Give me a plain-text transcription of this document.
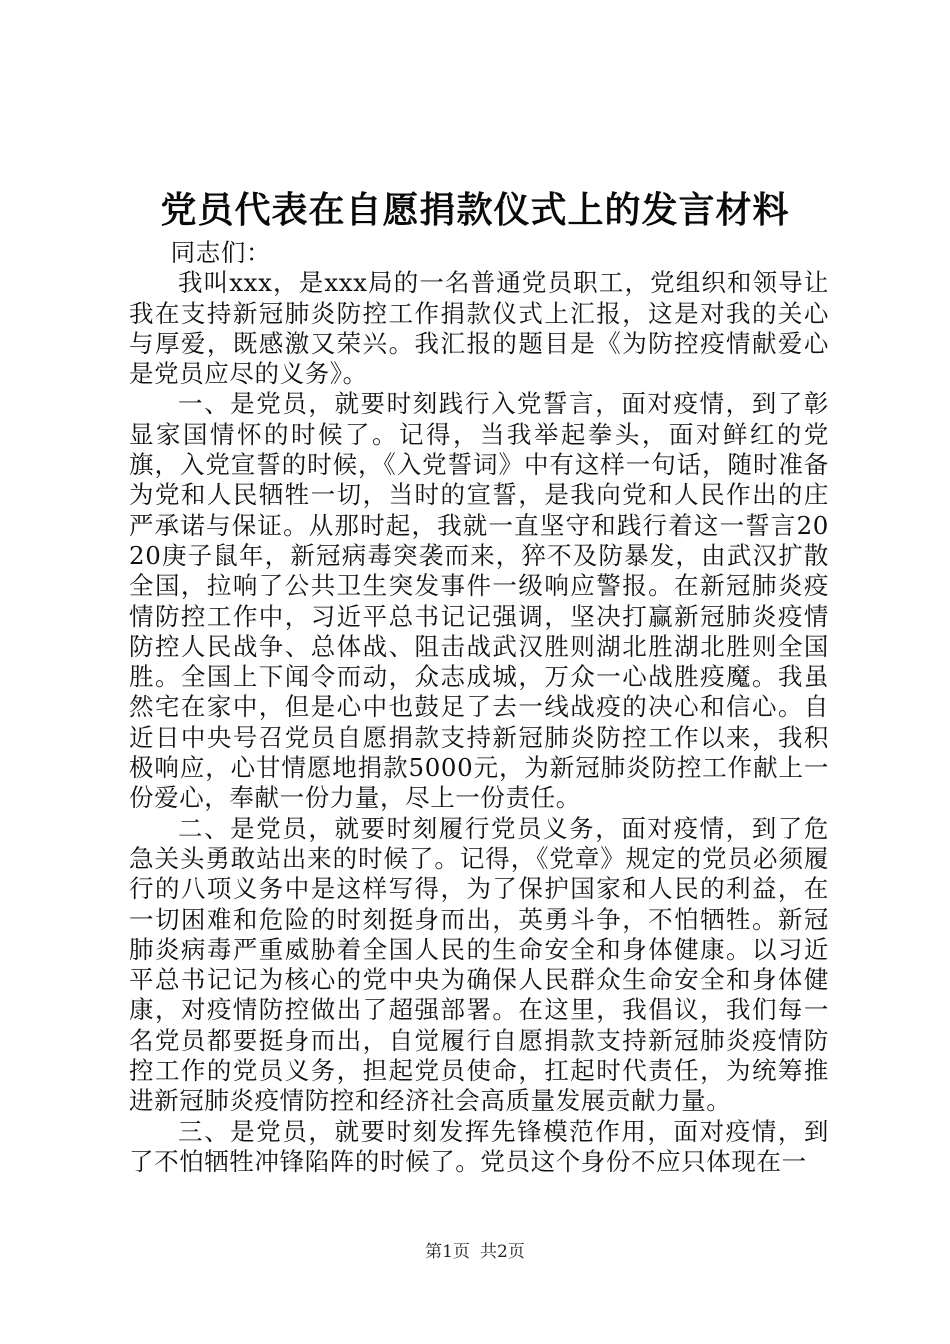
党员代表在自愿捐款仪式上的发言材料

同志们：

我叫xxx，是xxx局的一名普通党员职工，党组织和领导让我在支持新冠肺炎防控工作捐款仪式上汇报，这是对我的关心与厚爱，既感激又荣兴。我汇报的题目是《为防控疫情献爱心是党员应尽的义务》。

一、是党员，就要时刻践行入党誓言，面对疫情，到了彰显家国情怀的时候了。记得，当我举起拳头，面对鲜红的党旗，入党宣誓的时候，《入党誓词》中有这样一句话，随时准备为党和人民牺牲一切，当时的宣誓，是我向党和人民作出的庄严承诺与保证。从那时起，我就一直坚守和践行着这一誓言2020庚子鼠年，新冠病毒突袭而来，猝不及防暴发，由武汉扩散全国，拉响了公共卫生突发事件一级响应警报。在新冠肺炎疫情防控工作中，习近平总书记记强调，坚决打赢新冠肺炎疫情防控人民战争、总体战、阻击战武汉胜则湖北胜湖北胜则全国胜。全国上下闻令而动，众志成城，万众一心战胜疫魔。我虽然宅在家中，但是心中也鼓足了去一线战疫的决心和信心。自近日中央号召党员自愿捐款支持新冠肺炎防控工作以来，我积极响应，心甘情愿地捐款5000元，为新冠肺炎防控工作献上一份爱心，奉献一份力量，尽上一份责任。

二、是党员，就要时刻履行党员义务，面对疫情，到了危急关头勇敢站出来的时候了。记得，《党章》规定的党员必须履行的八项义务中是这样写得，为了保护国家和人民的利益，在一切困难和危险的时刻挺身而出，英勇斗争，不怕牺牲。新冠肺炎病毒严重威胁着全国人民的生命安全和身体健康。以习近平总书记记为核心的党中央为确保人民群众生命安全和身体健康，对疫情防控做出了超强部署。在这里，我倡议，我们每一名党员都要挺身而出，自觉履行自愿捐款支持新冠肺炎疫情防控工作的党员义务，担起党员使命，扛起时代责任，为统筹推进新冠肺炎疫情防控和经济社会高质量发展贡献力量。

三、是党员，就要时刻发挥先锋模范作用，面对疫情，到了不怕牺牲冲锋陷阵的时候了。党员这个身份不应只体现在一

第1页 共2页
